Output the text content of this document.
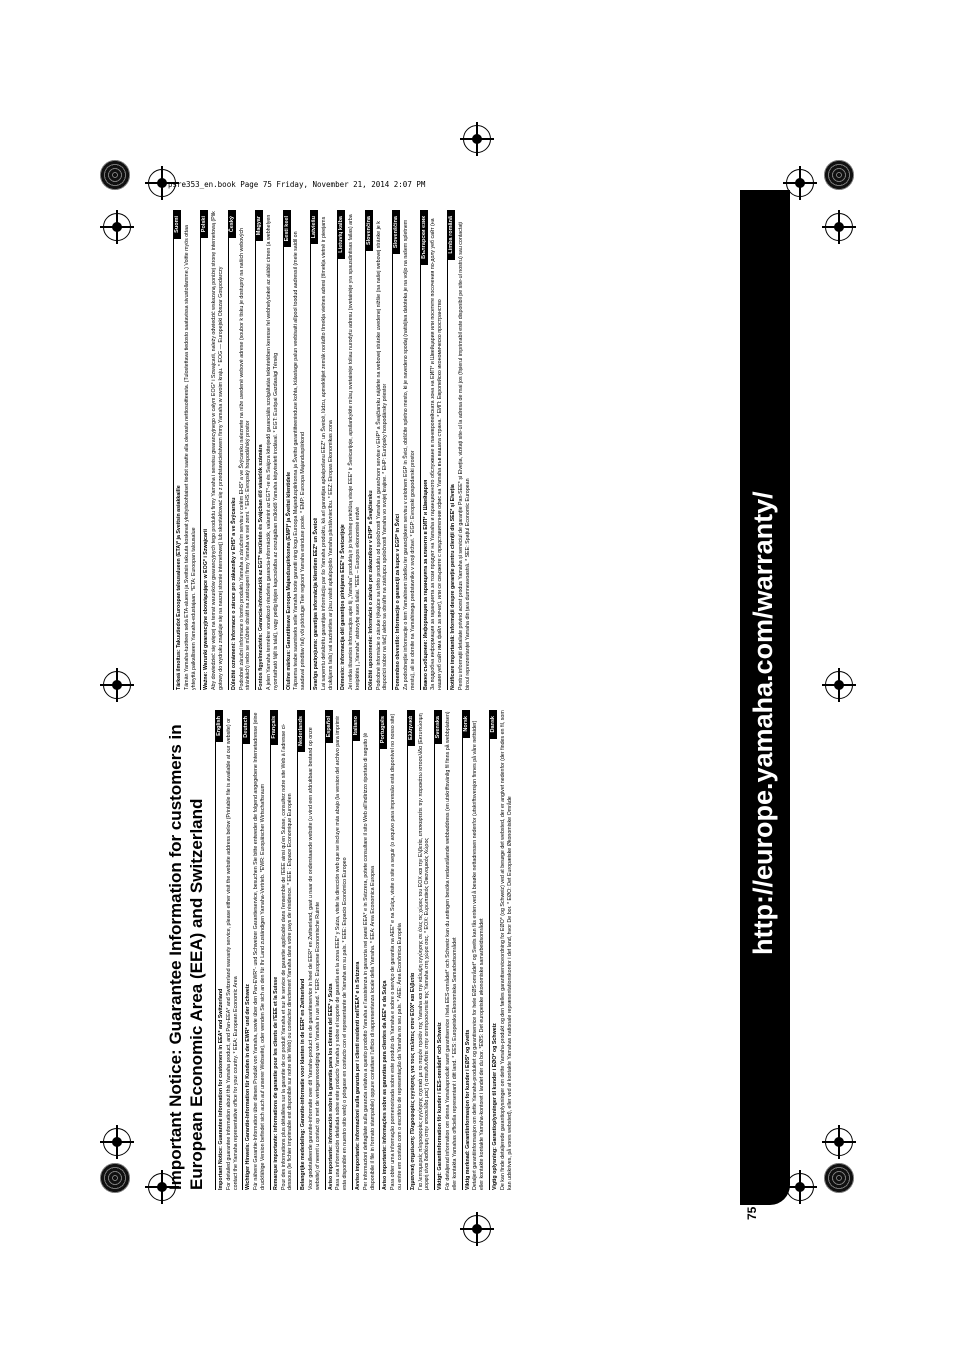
psre353_en.book Page 75 Friday, November 21, 2014 2:07 PM
Important Notice: Guarantee Information for customers in European Economic Area (EEA) and Switzerland
English
Important Notice: Guarantee information for customers in EEA* and Switzerland For detailed guarantee information about this Yamaha product, and Pan-EEA* and Switzerland warranty service, please either visit the website address below (Printable file is available at our website) or contact the Yamaha representative office for your country. * EEA: European Economic Area
Deutsch
Wichtiger Hinweis: Garantie-Information für Kunden in der EWR* und der Schweiz Für nähere Garantie-Information über dieses Produkt von Yamaha, sowie über den Pan-EWR*- und Schweizer Garantieservice, besuchen Sie bitte entweder die folgend angegebene Internetadresse (eine druckfähige Version befindet sich auch auf unserer Webseite), oder wenden Sie sich an den für Ihr Land zuständigen Yamaha-Vertrieb. *EWR: Europäischer Wirtschaftsraum
Français
Remarque importante: informations de garantie pour les clients de l'EEE et la Suisse Pour des informations plus détaillées sur la garantie de ce produit Yamaha et sur le service de garantie applicable dans l'ensemble de l'EEE ainsi qu'en Suisse, consultez notre site Web à l'adresse ci-dessous (le fichier imprimable est disponible sur notre site Web) ou contactez directement Yamaha dans votre pays de résidence. * EEE : Espace Economique Européen
Nederlands
Belangrijke mededeling: Garantie-informatie voor klanten in de EER* en Zwitserland Voor gedetailleerde garantie-informatie over dit Yamaha-product en de garantieservice in heel de EER* en Zwitserland, gaat u naar de onderstaande website (u vind een afdrukbaar bestand op onze website) of neemt u contact op met de vertegenwoordiging van Yamaha in uw land. * EER: Europese Economische Ruimte
Español
Aviso importante: información sobre la garantía para los clientes del EEE* y Suiza Para una información detallada sobre este producto Yamaha y sobre el soporte de garantía en la zona EEE* y Suiza, visite la dirección web que se incluye más abajo (la version del archivo para imprimir esta disponible en nuestro sitio web) o póngase en contacto con el representante de Yamaha en su país. * EEE: Espacio Económico Europeo
Italiano
Avviso importante: informazioni sulla garanzia per i clienti residenti nell'EEA* e in Svizzera Per informazioni dettagliate sulla garanzia relativa a questo prodotto Yamaha e l'assistenza in garanzia nei paesi EEA* e in Svizzera, potete consultare il sito Web all'indirizzo riportato di seguito (è disponibile il file in formato stampabile) oppure contattare l'ufficio di rappresentanza locale della Yamaha. * EEA: Area Economica Europea
Português
Aviso importante: informações sobre as garantias para clientes da AEE* e da Suíça Para obter uma informação pormenorizada sobre este produto da Yamaha e sobre o serviço de garantia na AEE* e na Suíça, visite o site a seguir (o arquivo para impressão está disponível no nosso site) ou entre em contato com o escritório de representação da Yamaha no seu país. * AEE: Área Econômica Européia
Ελληνικά
Σημαντική σημείωση: Πληροφορίες εγγύησης για τους πελάτες στον ΕΟΧ* και Ελβετία Για λεπτομερείς πληροφορίες εγγύησης σχετικά με το παρόν προϊόν της Yamaha και την κάλυψη εγγύησης σε όλες τις χώρες του ΕΟΧ και την Ελβετία, επισκεφτείτε την παρακάτω ιστοσελίδα (Εκτυπώσιμη μορφή είναι διαθέσιμη στην ιστοσελίδα μας) ή απευθυνθείτε στην αντιπροσωπεία της Yamaha στη χώρα σας. * ΕΟΧ: Ευρωπαϊκός Οικονομικός Χώρος
Svenska
Viktigt: Garantiinformation för kunder i EES-området* och Schweiz För detaljerad information om denna Yamahaprodukt samt garantiservice i hela EES-området* och Schweiz kan du antingen besöka nedanstående webbaddress (en utskriftsvänlig fil finns på webbplatsen) eller kontakta Yamahas officiella representant i ditt land. * EES: Europeiska Ekonomiska Samarbetsområdet
Norsk
Viktig merknad: Garantiinformasjon for kunder i EØS* og Sveits Detaljert garantiinformasjon om dette Yamaha-produktet og garantiservice for hele EØS-området* og Sveits kan fås enten ved å besøke nettadressen nedenfor (utskriftsversjon finnes på våre nettsider) eller kontakte kontakte Yamaha-kontoret i landet der du bor. *EØS: Det europeiske økonomiske samarbeidsområdet
Dansk
Vigtig oplysning: Garantioplysninger til kunder i EØO* og Schweiz De kan finde detaljerede garantioplysninger om dette Yamaha-produkt og den fælles garantiserviceordning for EØO* (og Schweiz) ved at besøge det websted, der er angivet nedenfor (der findes en fil, som kan udskrives, på vores websted), eller ved at kontakte Yamahas nationale repræsentationskontor i det land, hvor De bor. * EØO: Det Europæiske Økonomiske Område
Suomi
Tärkeä ilmoitus: Takuutiedot Euroopan talousalueen (ETA)* ja Sveitsin asiakkaille Tämän Yamaha-tuotteen sekä ETA-alueen ja Sveitsin takuuta koskevat yksityiskohtaiset tiedot saatte alla olevasta nettiosoitteesta. (Tulostettava tiedosto saatavissa sivustollamme.) Voitte myös ottaa yhteyttä paikalliseen Yamaha-edustajaan. *ETA: Euroopan talousalue
Polski
Ważne: Warunki gwarancyjne obowiązujące w EOG* i Szwajcarii Aby dowiedzieć się więcej na temat warunków gwarancyjnych tego produktu firmy Yamaha i serwisu gwarancyjnego w całym EOG* i Szwajcarii, należy odwiedzić wskazaną poniżej stronę internetową (Plik gotowy do wydruku znajduje się na naszej stronie internetowej) lub skontaktować się z przedstawicielstwem firmy Yamaha w swoim kraju. * EOG — Europejski Obszar Gospodarczy
Český
Důležité oznámení: Informace o záruce pro zákazníky v EHS* a ve Švýcarsku Podrobné záruční informace o tomto produktu Yamaha a záručním servisu v celém EHS* a ve Švýcarsku naleznete na níže uvedené webové adrese (soubor k tisku je dostupný na našich webových stránkách) nebo se můžete obrátit na zastoupení firmy Yamaha ve své zemi. * EHS: Evropský hospodářský prostor
Magyar
Fontos figyelmeztetés: Garancia-információk az EGT* területén és Svájcban élő vásárlók számára A jelen Yamaha termékre vonatkozó részletes garancia-információk, valamint az EGT*-re és Svájcra kiterjedő garanciális szolgáltatás tekintetében keresse fel webhelyünket az alábbi címen (a webhelyen nyomtatható fájlt is talál), vagy pedig lépjen kapcsolatba az országában működő Yamaha képviseleti irodával. * EGT: Európai Gazdasági Térség
Eesti keel
Oluline märkus: Garantiiteave Euroopa Majanduspiirkonna (EMP)* ja Šveitsi klientidele Täpsema teabe saamiseks selle Yamaha toote garantii ning kogu Euroopa Majanduspiirkonna ja Šveitsi garantiiteeninduse kohta, külastage palun veebisaiti allpool toodud aadressil (meie saidil on saadaval prinditav fail) või pöörduge Teie regiooni Yamaha esinduse poole. * EMP: Euroopa Majanduspiirkond
Latviešu
Svarīgs paziņojums: garantijas informācija klientiem EEZ* un Šveicē Lai saņemtu detalizētu garantijas informāciju par šo Yamaha produktu, kā arī garantijas apkalpošanu EEZ* un Šveicē, lūdzu, apmeklējiet zemāk norādīto tīmekļa vietnes adresi (tīmekļa vietnē ir pieejams drukājams fails) vai sazinieties ar jūsu valsti apkalpojošo Yamaha pārstāvniecību. * EEZ: Eiropas Ekonomikas zona
Lietuvių kalba
Dėmesio: informacija dėl garantijos pirkėjams EEE* ir Šveicarijoje Jei reikia išsamios informacijos apie šį „Yamaha“ produktą ir jo techninę priežiūrą visoje EEE* ir Šveicarijoje, apsilankykite mūsų svetainėje toliau nurodytu adresu (svetainėje yra spausdintinas failas) arba kreipkitės į „Yamaha“ atstovybę savo šaliai. *EEE – Europos ekonominė erdvė
Slovenčina
Dôležité upozornenie: Informácie o záruke pre zákazníkov v EHP* a Švajčiarsku Podrobné informácie o záruke týkajúce sa tohto produktu od spoločnosti Yamaha a garančnom servise v EHP* a Švajčiarsku nájdete na webovej stránke uvedenej nižšie (na našej webovej stránke je k dispozícii súbor na tlač) alebo sa obráťte na zástupcu spoločnosti Yamaha vo svojej krajine. * EHP: Európsky hospodársky priestor
Slovenščina
Pomembno obvestilo: Informacije o garanciji za kupce v EGP* in Švici Za podrobnejše informacije o tem Yamahinem izdelku ter garancijskem servisu v celotnem EGP in Švici, obiščite spletno mesto, ki je navedeno spodaj (natisljiva datoteka je na voljo na našem spletnem mestu), ali se obrnite na Yamahinega predstavnika v svoji državi. * EGP: Evropski gospodarski prostor
Български език
Важно съобщение: Информация за гаранцията за клиенти в ЕИП* и Швейцария За подробна информация за гаранцията за този продукт на Yamaha и гаранционното обслужване в паневропейската зона на ЕИП* и Швейцария или посетете посочения по-долу уеб сайт (на нашия уеб сайт има файл за печат), или се свържете с представителния офис на Yamaha във вашата страна. * ЕИП: Европейско икономическо пространство
Limba română
Notificare importantă: Informații despre garanție pentru clienții din SEE* și Elveția Pentru informații detaliate privind acest produs Yamaha și serviciul de garanție Pan-SEE* și Elveția, vizitați site-ul la adresa de mai jos (fișierul imprimabil este disponibil pe site-ul nostru) sau contactați biroul reprezentanței Yamaha din țara dumneavoastră. * SEE: Spațiul Economic European	http://europe.yamaha.com/warranty/
75
URL_4
